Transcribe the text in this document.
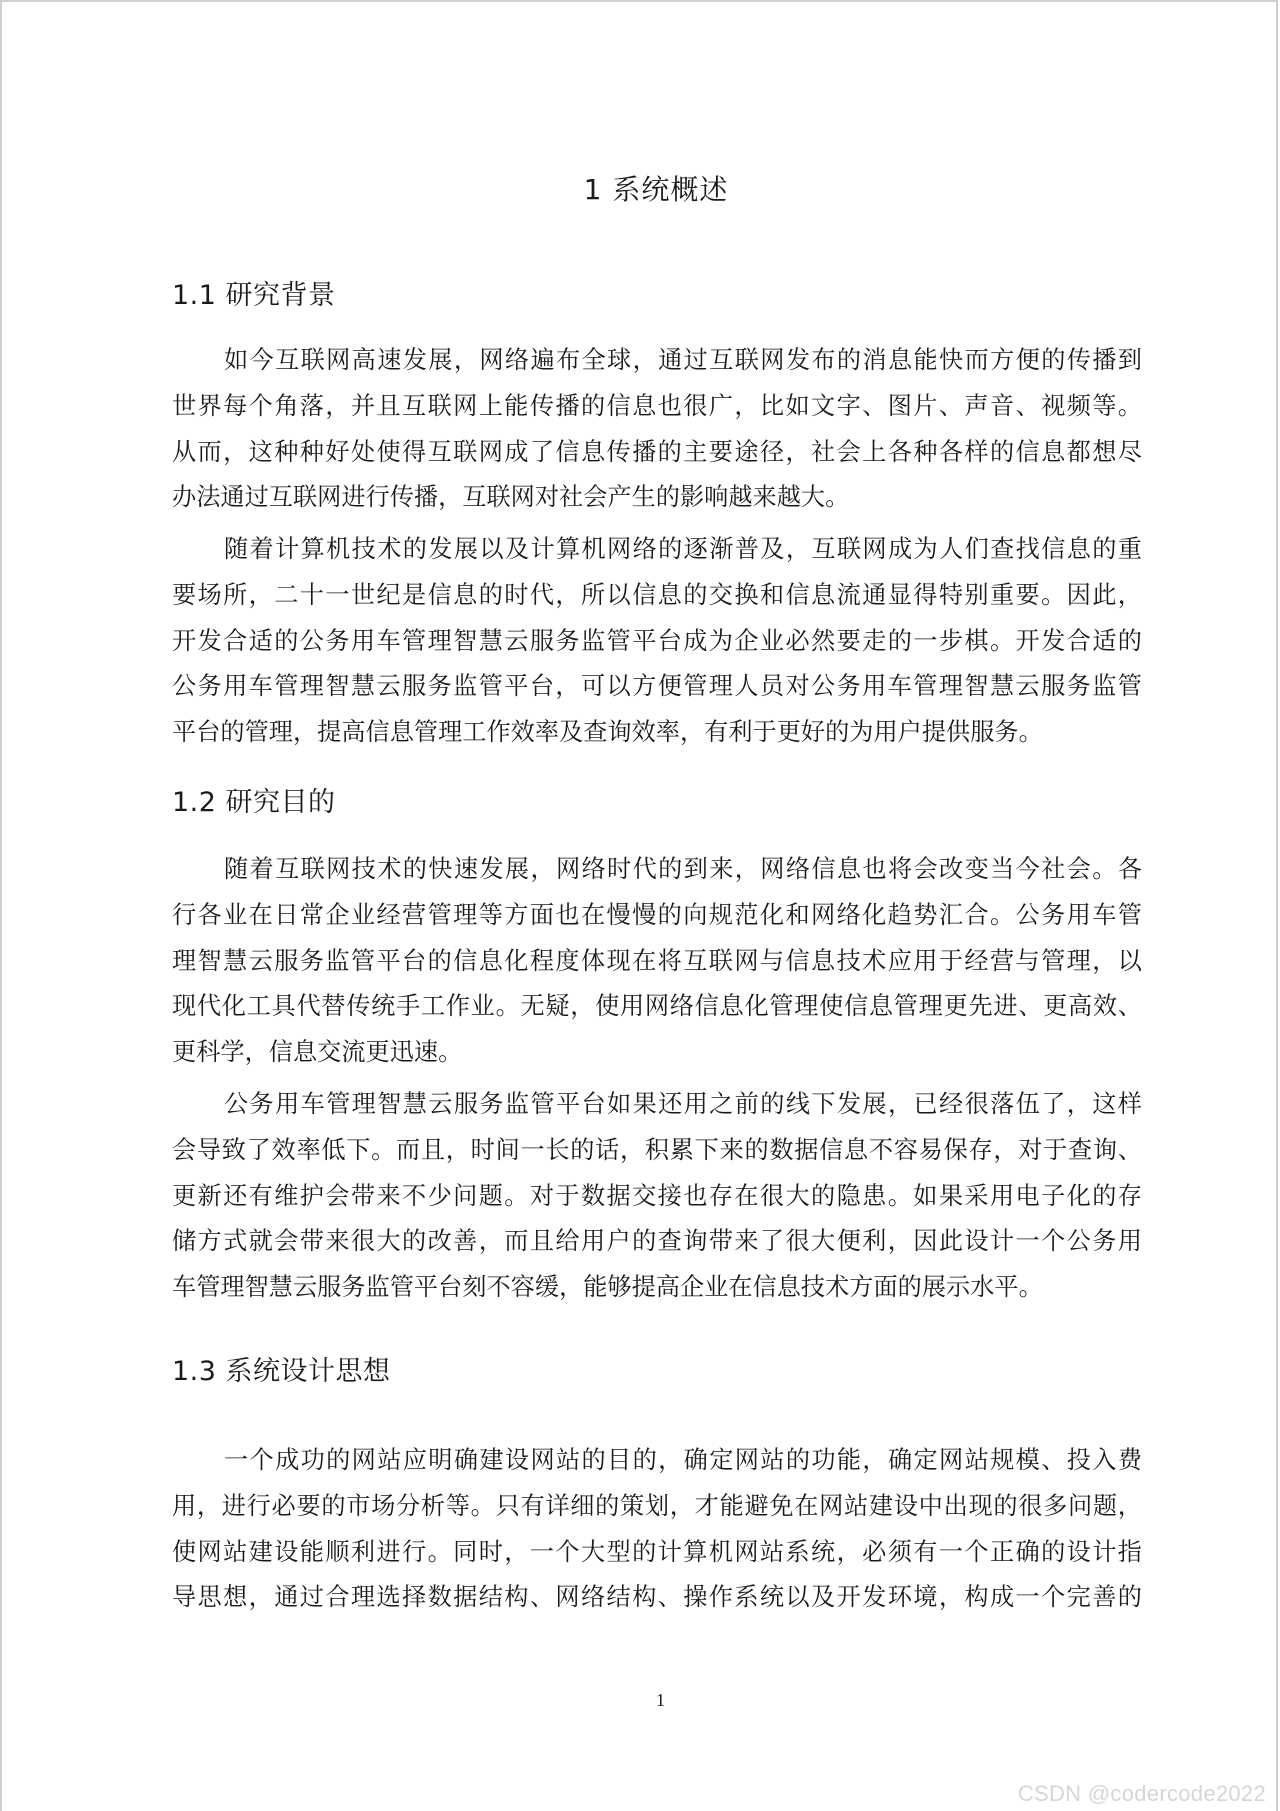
1 系统概述
1.1 研究背景
如今互联网高速发展，网络遍布全球，通过互联网发布的消息能快而方便的传播到
世界每个角落，并且互联网上能传播的信息也很广，比如文字、图片、声音、视频等。
从而，这种种好处使得互联网成了信息传播的主要途径，社会上各种各样的信息都想尽
办法通过互联网进行传播，互联网对社会产生的影响越来越大。
随着计算机技术的发展以及计算机网络的逐渐普及，互联网成为人们查找信息的重
要场所，二十一世纪是信息的时代，所以信息的交换和信息流通显得特别重要。因此，
开发合适的公务用车管理智慧云服务监管平台成为企业必然要走的一步棋。开发合适的
公务用车管理智慧云服务监管平台，可以方便管理人员对公务用车管理智慧云服务监管
平台的管理，提高信息管理工作效率及查询效率，有利于更好的为用户提供服务。
1.2 研究目的
随着互联网技术的快速发展，网络时代的到来，网络信息也将会改变当今社会。各
行各业在日常企业经营管理等方面也在慢慢的向规范化和网络化趋势汇合。公务用车管
理智慧云服务监管平台的信息化程度体现在将互联网与信息技术应用于经营与管理，以
现代化工具代替传统手工作业。无疑，使用网络信息化管理使信息管理更先进、更高效、
更科学，信息交流更迅速。
公务用车管理智慧云服务监管平台如果还用之前的线下发展，已经很落伍了，这样
会导致了效率低下。而且，时间一长的话，积累下来的数据信息不容易保存，对于查询、
更新还有维护会带来不少问题。对于数据交接也存在很大的隐患。如果采用电子化的存
储方式就会带来很大的改善，而且给用户的查询带来了很大便利，因此设计一个公务用
车管理智慧云服务监管平台刻不容缓，能够提高企业在信息技术方面的展示水平。
1.3 系统设计思想
一个成功的网站应明确建设网站的目的，确定网站的功能，确定网站规模、投入费
用，进行必要的市场分析等。只有详细的策划，才能避免在网站建设中出现的很多问题，
使网站建设能顺利进行。同时，一个大型的计算机网站系统，必须有一个正确的设计指
导思想，通过合理选择数据结构、网络结构、操作系统以及开发环境，构成一个完善的

1

CSDN @codercode2022
